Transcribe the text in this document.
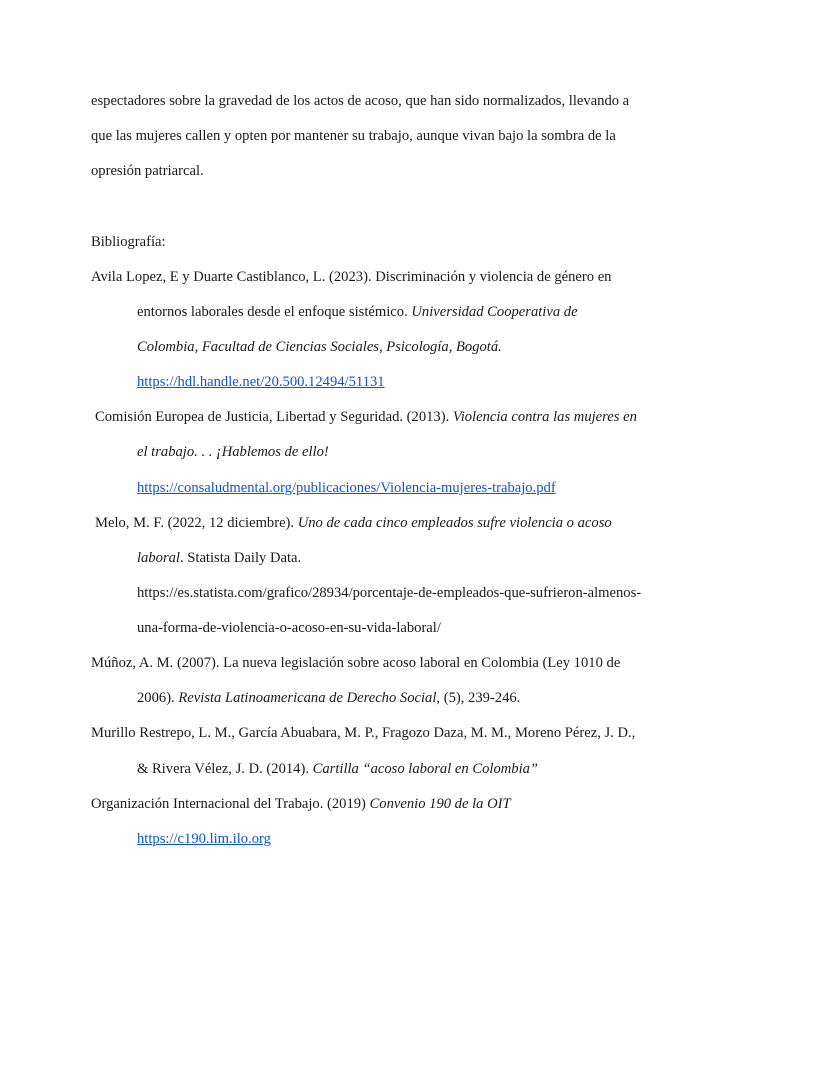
espectadores sobre la gravedad de los actos de acoso, que han sido normalizados, llevando a
que las mujeres callen y opten por mantener su trabajo, aunque vivan bajo la sombra de la
opresión patriarcal.
Bibliografía:
Avila Lopez, E y Duarte Castiblanco, L. (2023). Discriminación y violencia de género en
entornos laborales desde el enfoque sistémico. Universidad Cooperativa de
Colombia, Facultad de Ciencias Sociales, Psicología, Bogotá.
https://hdl.handle.net/20.500.12494/51131
Comisión Europea de Justicia, Libertad y Seguridad. (2013). Violencia contra las mujeres en
el trabajo. . . ¡Hablemos de ello!
https://consaludmental.org/publicaciones/Violencia-mujeres-trabajo.pdf
Melo, M. F. (2022, 12 diciembre). Uno de cada cinco empleados sufre violencia o acoso
laboral. Statista Daily Data.
https://es.statista.com/grafico/28934/porcentaje-de-empleados-que-sufrieron-almenos-
una-forma-de-violencia-o-acoso-en-su-vida-laboral/
Múñoz, A. M. (2007). La nueva legislación sobre acoso laboral en Colombia (Ley 1010 de
2006). Revista Latinoamericana de Derecho Social, (5), 239-246.
Murillo Restrepo, L. M., García Abuabara, M. P., Fragozo Daza, M. M., Moreno Pérez, J. D.,
& Rivera Vélez, J. D. (2014). Cartilla “acoso laboral en Colombia”
Organización Internacional del Trabajo. (2019) Convenio 190 de la OIT
https://c190.lim.ilo.org
